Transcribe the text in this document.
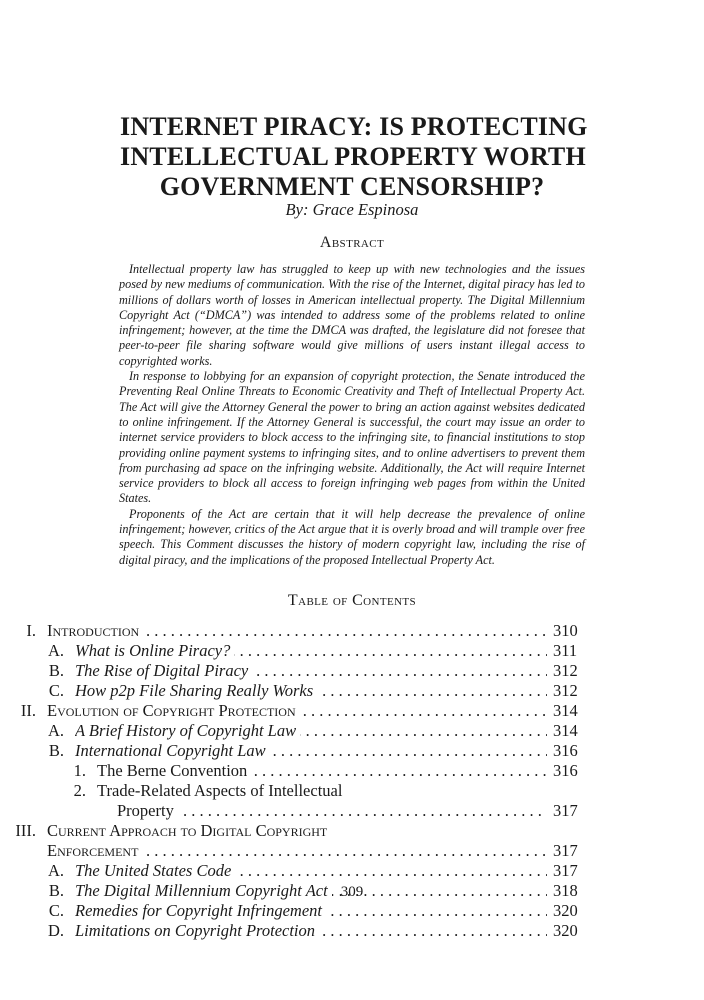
INTERNET PIRACY: IS PROTECTING
INTELLECTUAL PROPERTY WORTH
GOVERNMENT CENSORSHIP?
By: Grace Espinosa
Abstract

Intellectual property law has struggled to keep up with new technologies and the issues posed by new mediums of communication. With the rise of the Internet, digital piracy has led to millions of dollars worth of losses in American intellectual property. The Digital Millennium Copyright Act (“DMCA”) was intended to address some of the problems related to online infringement; however, at the time the DMCA was drafted, the legislature did not foresee that peer-to-peer file sharing software would give millions of users instant illegal access to copyrighted works.

In response to lobbying for an expansion of copyright protection, the Senate introduced the Preventing Real Online Threats to Economic Creativity and Theft of Intellectual Property Act. The Act will give the Attorney General the power to bring an action against websites dedicated to online infringement. If the Attorney General is successful, the court may issue an order to internet service providers to block access to the infringing site, to financial institutions to stop providing online payment systems to infringing sites, and to online advertisers to prevent them from purchasing ad space on the infringing website. Additionally, the Act will require Internet service providers to block all access to foreign infringing web pages from within the United States.

Proponents of the Act are certain that it will help decrease the prevalence of online infringement; however, critics of the Act argue that it is overly broad and will trample over free speech. This Comment discusses the history of modern copyright law, including the rise of digital piracy, and the implications of the proposed Intellectual Property Act.

Table of Contents
I. Introduction . . .	310
A. What is Online Piracy? . . .	311
B. The Rise of Digital Piracy . . .	312
C. How p2p File Sharing Really Works . . .	312
II. Evolution of Copyright Protection . . .	314
A. A Brief History of Copyright Law . . .	314
B. International Copyright Law . . .	316
1. The Berne Convention . . .	316
2. Trade-Related Aspects of Intellectual
Property . . .	317
III. Current Approach to Digital Copyright
Enforcement . . .	317
A. The United States Code . . .	317
B. The Digital Millennium Copyright Act . . .	318
C. Remedies for Copyright Infringement . . .	320
D. Limitations on Copyright Protection . . .	320
309
